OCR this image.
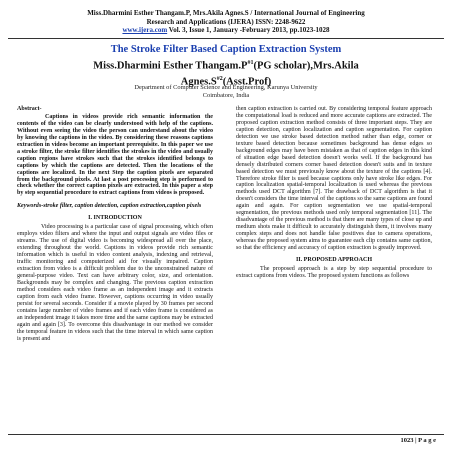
Miss.Dharmini Esther Thangam.P, Mrs.Akila Agnes.S / International Journal of Engineering
Research and Applications (IJERA) ISSN: 2248-9622
www.ijera.com Vol. 3, Issue 1, January -February 2013, pp.1023-1028
The Stroke Filter Based Caption Extraction System
Miss.Dharmini Esther $Thangam.P^{\#1}(PG$ scholar),Mrs.Akila
$Agnes.S^{\#2}(Asst.Prof)$
Department of Computer Science and Engineering, Karunya University
Coimbatore, India

Abstract-

Captions in videos provide rich semantic information the contents of the video can be clearly understood with help of the captions. Without even seeing the video the person can understand about the video by knowing the captions in the video. By considering these reasons captions extraction in videos become an important prerequisite. In this paper we use a stroke filter, the stroke filter identifies the strokes in the video and usually caption regions have strokes such that the strokes identified belongs to captions by which the captions are detected. Then the locations of the captions are localized. In the next Step the caption pixels are separated from the background pixels. At last a post processing step is performed to check whether the correct caption pixels are extracted. In this paper a step by step sequential procedure to extract captions from videos is proposed.

Keywords-stroke filter, caption detection, caption extraction,caption pixels

I. INTRODUCTION

Video processing is a particular case of signal processing, which often employs video filters and where the input and output signals are video files or streams. The use of digital video is becoming widespread all over the place, extending throughout the world. Captions in videos provide rich semantic information which is useful in video content analysis, indexing and retrieval, traffic monitoring and computerized aid for visually impaired. Caption extraction from video is a difficult problem due to the unconstrained nature of general-purpose video. Text can have arbitrary color, size, and orientation. Backgrounds may be complex and changing. The previous caption extraction method considers each video frame as an independent image and it extracts caption from each video frame. However, captions occurring in video usually persist for several seconds. Consider if a movie played by 30 frames per second contains large number of video frames and if each video frame is considered as an independent image it takes more time and the same captions may be extracted again and again [3]. To overcome this disadvantage in our method we consider the temporal feature in videos such that the time interval in which same caption is present and

then caption extraction is carried out. By considering temporal feature approach the computational load is reduced and more accurate captions are extracted. The proposed caption extraction method consists of three important steps. They are caption detection, caption localization and caption segmentation. For caption detection we use stroke based detection method rather than edge, corner or texture based detection because sometimes background has dense edges so background edges may have been mistaken as that of caption edges in this kind of situation edge based detection doesn't works well. If the background has densely distributed corners corner based detection doesn't suits and in texture based detection we must previously know about the texture of the captions [4]. Therefore stroke filter is used because captions only have stroke like edges. For caption localization spatial-temporal localization is used whereas the previous methods used DCT algorithm [7]. The drawback of DCT algorithm is that it doesn't considers the time interval of the captions so the same captions are found again and again. For caption segmentation we use spatial-temporal segmentation, the previous methods used only temporal segmentation [11]. The disadvantage of the previous method is that there are many types of close up and medium shots make it difficult to accurately distinguish them, it involves many complex steps and does not handle false positives due to camera operations, whereas the proposed system aims to guarantee each clip contains same caption, so that the efficiency and accuracy of caption extraction is greatly improved.

II. PROPOSED APPROACH

The proposed approach is a step by step sequential procedure to extract captions from videos. The proposed system functions as follows

1023 | P a g e
